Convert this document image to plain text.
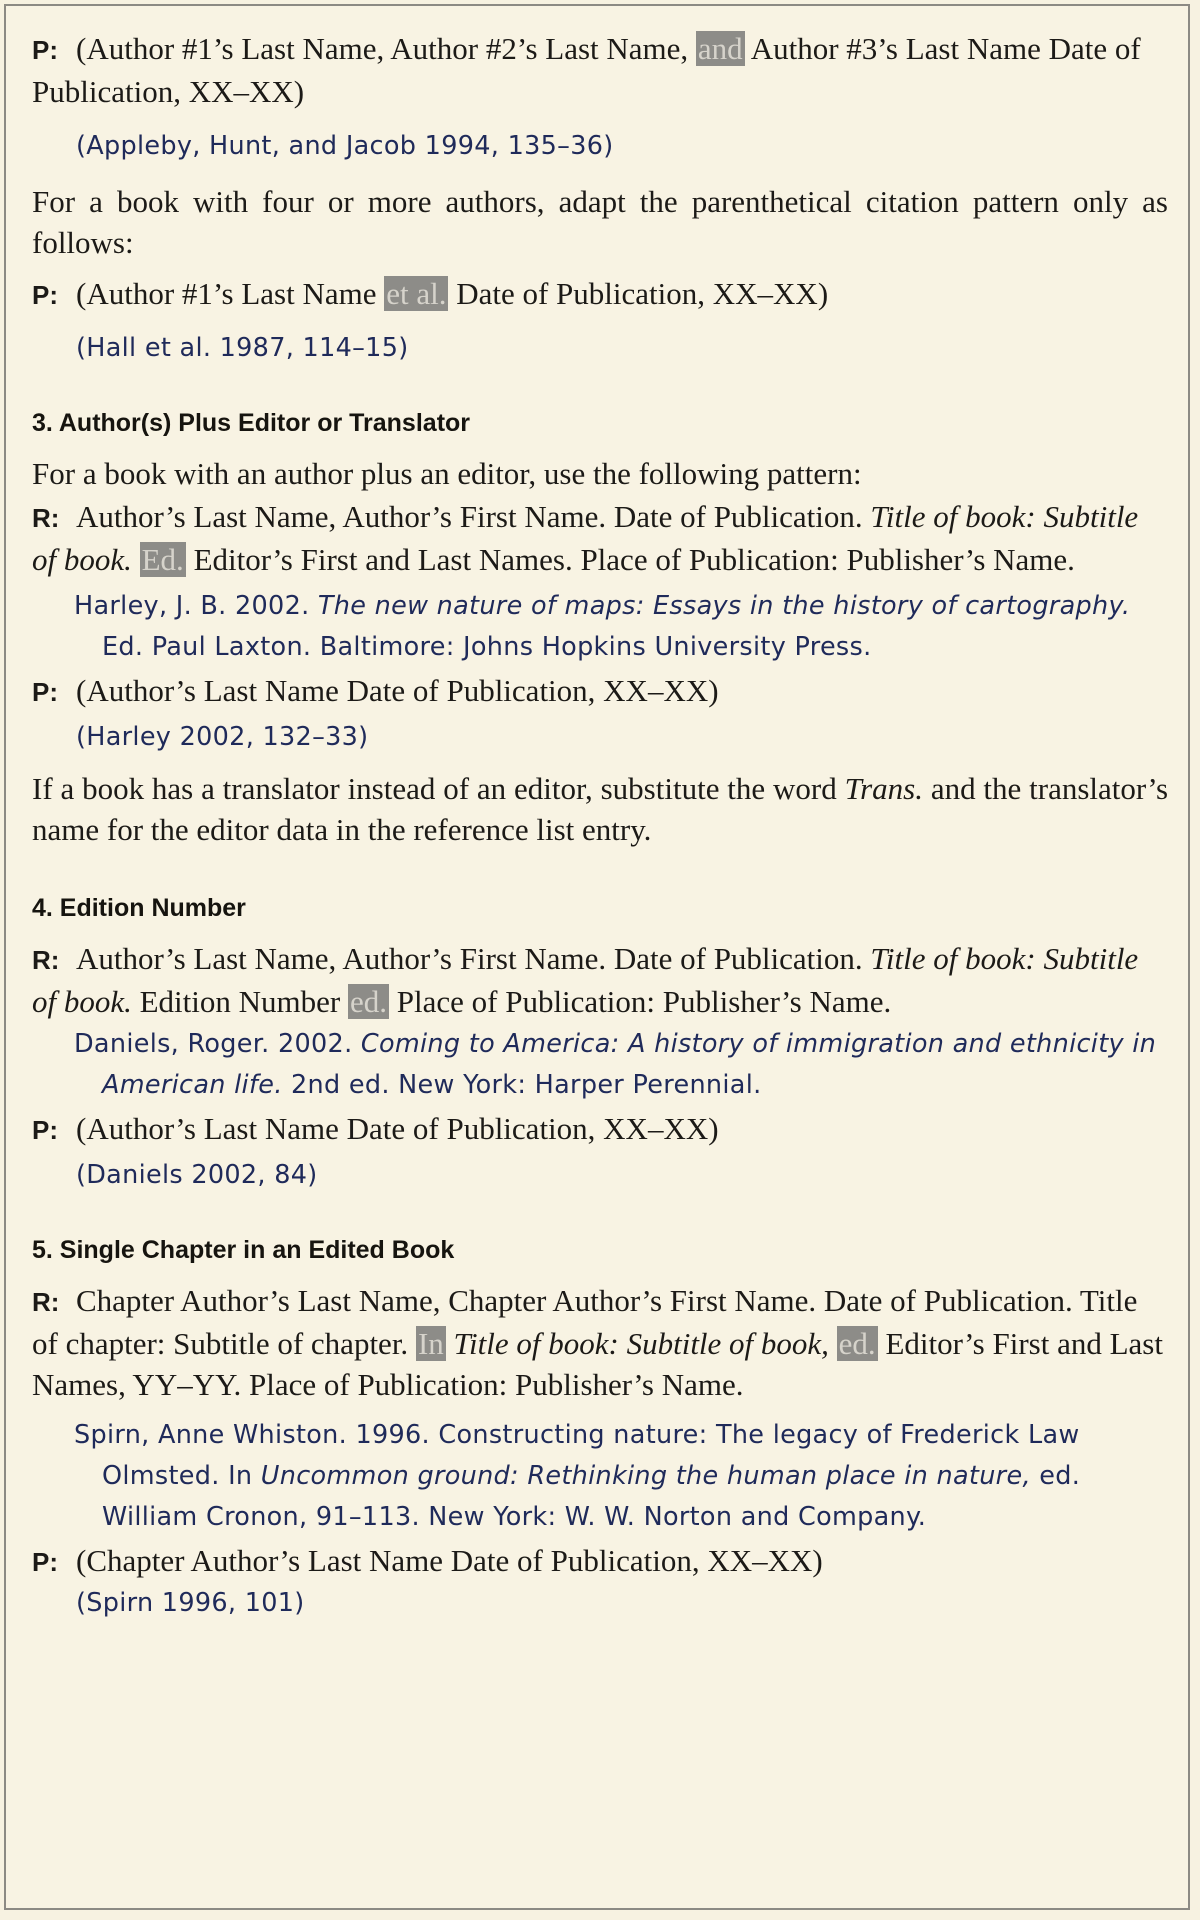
P: (Author #1’s Last Name, Author #2’s Last Name, and Author #3’s Last Name Date of Publication, XX–XX)

(Appleby, Hunt, and Jacob 1994, 135–36)

For a book with four or more authors, adapt the parenthetical citation pattern only as follows:

P: (Author #1’s Last Name et al. Date of Publication, XX–XX)

(Hall et al. 1987, 114–15)

3. Author(s) Plus Editor or Translator

For a book with an author plus an editor, use the following pattern:

R: Author’s Last Name, Author’s First Name. Date of Publication. Title of book: Subtitle of book. Ed. Editor’s First and Last Names. Place of Publication: Publisher’s Name.

Harley, J. B. 2002. The new nature of maps: Essays in the history of cartography. Ed. Paul Laxton. Baltimore: Johns Hopkins University Press.

P: (Author’s Last Name Date of Publication, XX–XX)

(Harley 2002, 132–33)

If a book has a translator instead of an editor, substitute the word Trans. and the translator’s name for the editor data in the reference list entry.

4. Edition Number

R: Author’s Last Name, Author’s First Name. Date of Publication. Title of book: Subtitle of book. Edition Number ed. Place of Publication: Publisher’s Name.

Daniels, Roger. 2002. Coming to America: A history of immigration and ethnicity in American life. 2nd ed. New York: Harper Perennial.

P: (Author’s Last Name Date of Publication, XX–XX)

(Daniels 2002, 84)

5. Single Chapter in an Edited Book

R: Chapter Author’s Last Name, Chapter Author’s First Name. Date of Publication. Title of chapter: Subtitle of chapter. In Title of book: Subtitle of book, ed. Editor’s First and Last Names, YY–YY. Place of Publication: Publisher’s Name.

Spirn, Anne Whiston. 1996. Constructing nature: The legacy of Frederick Law Olmsted. In Uncommon ground: Rethinking the human place in nature, ed. William Cronon, 91–113. New York: W. W. Norton and Company.

P: (Chapter Author’s Last Name Date of Publication, XX–XX)

(Spirn 1996, 101)
